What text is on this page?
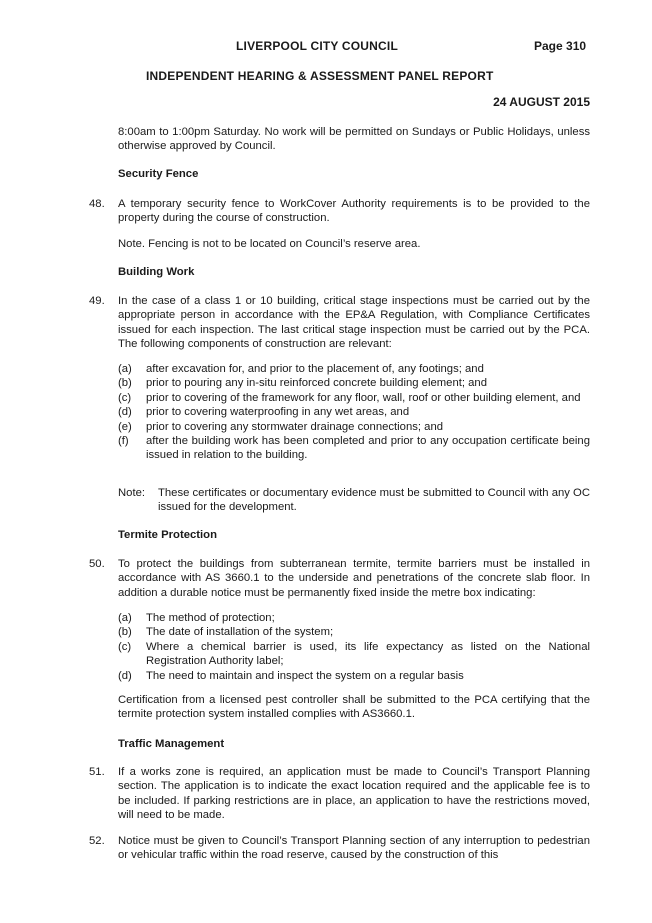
LIVERPOOL CITY COUNCIL	Page 310
INDEPENDENT HEARING & ASSESSMENT PANEL REPORT
24 AUGUST 2015
8:00am to 1:00pm Saturday. No work will be permitted on Sundays or Public Holidays, unless otherwise approved by Council.
Security Fence
48. A temporary security fence to WorkCover Authority requirements is to be provided to the property during the course of construction.
Note. Fencing is not to be located on Council’s reserve area.
Building Work
49. In the case of a class 1 or 10 building, critical stage inspections must be carried out by the appropriate person in accordance with the EP&A Regulation, with Compliance Certificates issued for each inspection. The last critical stage inspection must be carried out by the PCA. The following components of construction are relevant:
(a) after excavation for, and prior to the placement of, any footings; and
(b) prior to pouring any in-situ reinforced concrete building element; and
(c) prior to covering of the framework for any floor, wall, roof or other building element, and
(d) prior to covering waterproofing in any wet areas, and
(e) prior to covering any stormwater drainage connections; and
(f) after the building work has been completed and prior to any occupation certificate being issued in relation to the building.
Note:	These certificates or documentary evidence must be submitted to Council with any OC issued for the development.
Termite Protection
50. To protect the buildings from subterranean termite, termite barriers must be installed in accordance with AS 3660.1 to the underside and penetrations of the concrete slab floor. In addition a durable notice must be permanently fixed inside the metre box indicating:
(a) The method of protection;
(b) The date of installation of the system;
(c) Where a chemical barrier is used, its life expectancy as listed on the National Registration Authority label;
(d) The need to maintain and inspect the system on a regular basis
Certification from a licensed pest controller shall be submitted to the PCA certifying that the termite protection system installed complies with AS3660.1.
Traffic Management
51. If a works zone is required, an application must be made to Council’s Transport Planning section. The application is to indicate the exact location required and the applicable fee is to be included. If parking restrictions are in place, an application to have the restrictions moved, will need to be made.
52. Notice must be given to Council’s Transport Planning section of any interruption to pedestrian or vehicular traffic within the road reserve, caused by the construction of this
